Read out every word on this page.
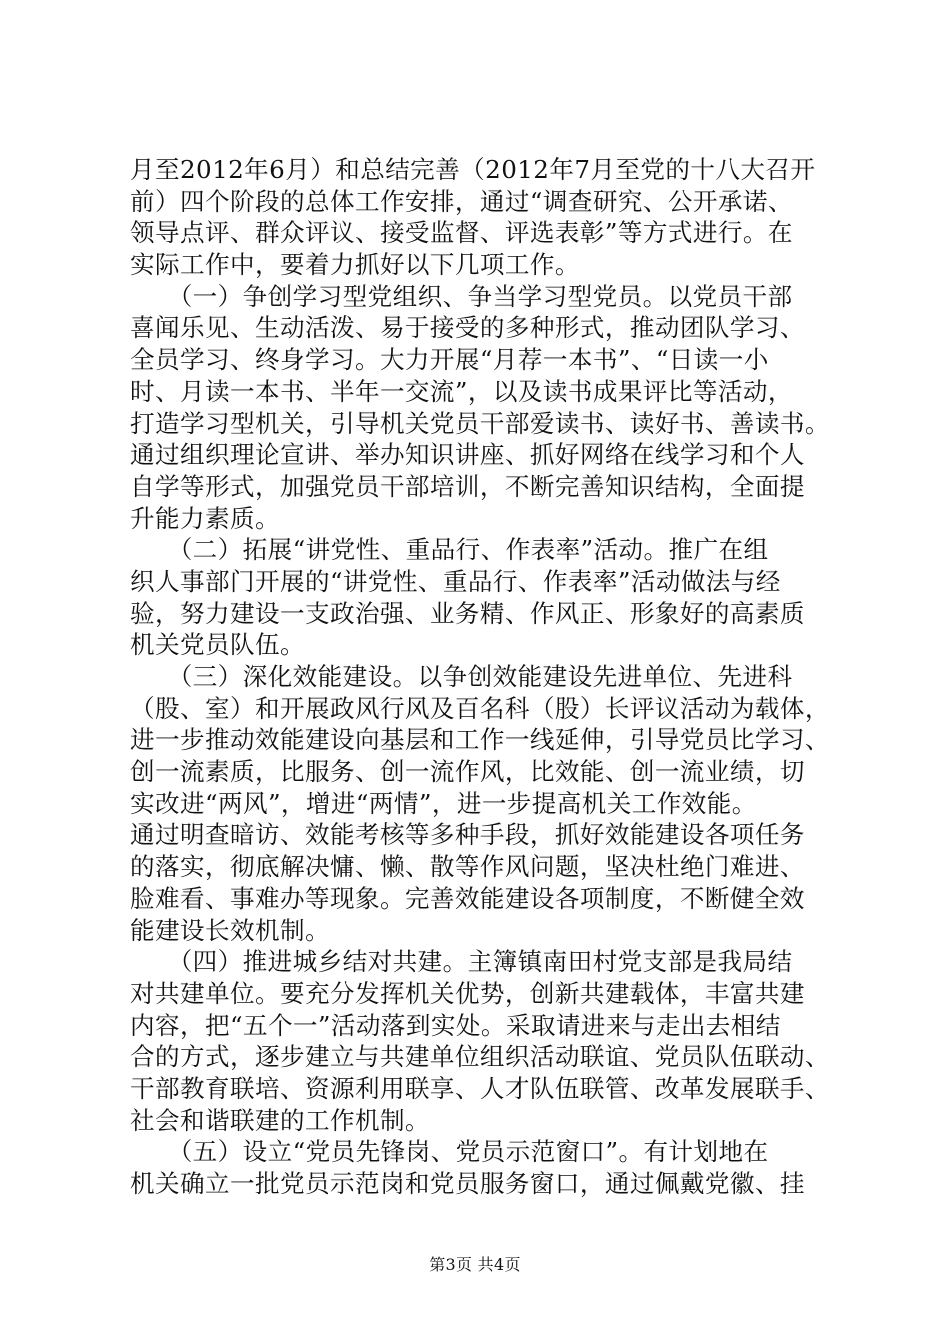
月至2012年6月）和总结完善（2012年7月至党的十八大召开
前）四个阶段的总体工作安排，通过“调查研究、公开承诺、
领导点评、群众评议、接受监督、评选表彰”等方式进行。在
实际工作中，要着力抓好以下几项工作。
　　（一）争创学习型党组织、争当学习型党员。以党员干部
喜闻乐见、生动活泼、易于接受的多种形式，推动团队学习、
全员学习、终身学习。大力开展“月荐一本书”、“日读一小
时、月读一本书、半年一交流”，以及读书成果评比等活动，
打造学习型机关，引导机关党员干部爱读书、读好书、善读书。
通过组织理论宣讲、举办知识讲座、抓好网络在线学习和个人
自学等形式，加强党员干部培训，不断完善知识结构，全面提
升能力素质。
　　（二）拓展“讲党性、重品行、作表率”活动。推广在组
织人事部门开展的“讲党性、重品行、作表率”活动做法与经
验，努力建设一支政治强、业务精、作风正、形象好的高素质
机关党员队伍。
　　（三）深化效能建设。以争创效能建设先进单位、先进科
（股、室）和开展政风行风及百名科（股）长评议活动为载体，
进一步推动效能建设向基层和工作一线延伸，引导党员比学习、
创一流素质，比服务、创一流作风，比效能、创一流业绩，切
实改进“两风”，增进“两情”，进一步提高机关工作效能。
通过明查暗访、效能考核等多种手段，抓好效能建设各项任务
的落实，彻底解决慵、懒、散等作风问题，坚决杜绝门难进、
脸难看、事难办等现象。完善效能建设各项制度，不断健全效
能建设长效机制。
　　（四）推进城乡结对共建。主簿镇南田村党支部是我局结
对共建单位。要充分发挥机关优势，创新共建载体，丰富共建
内容，把“五个一”活动落到实处。采取请进来与走出去相结
合的方式，逐步建立与共建单位组织活动联谊、党员队伍联动、
干部教育联培、资源利用联享、人才队伍联管、改革发展联手、
社会和谐联建的工作机制。
　　（五）设立“党员先锋岗、党员示范窗口”。有计划地在
机关确立一批党员示范岗和党员服务窗口，通过佩戴党徽、挂
第3页 共4页
